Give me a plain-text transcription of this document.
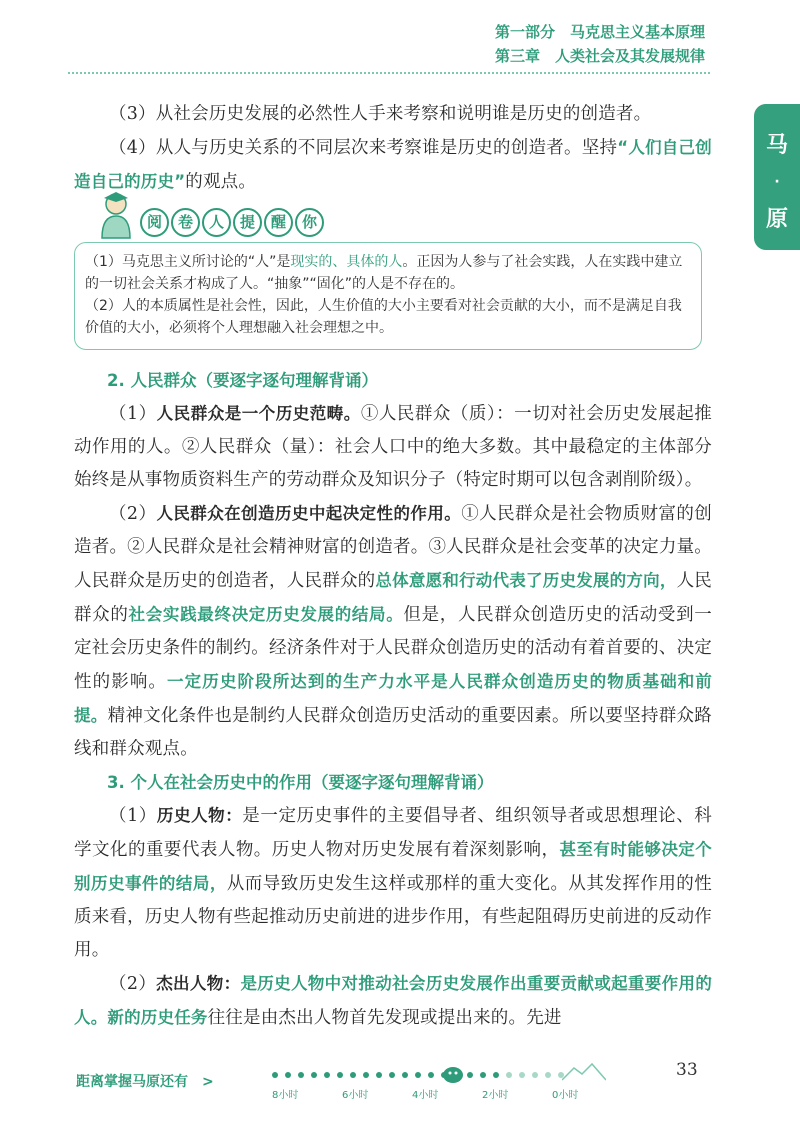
第一部分　马克思主义基本原理
第三章　人类社会及其发展规律
马
·
原

（3）从社会历史发展的必然性人手来考察和说明谁是历史的创造者。

（4）从人与历史关系的不同层次来考察谁是历史的创造者。坚持“人们自己创造自己的历史”的观点。

阅	卷	人	提	醒	你
（1）马克思主义所讨论的“人”是现实的、具体的人。正因为人参与了社会实践，人在实践中建立的一切社会关系才构成了人。“抽象”“固化”的人是不存在的。
（2）人的本质属性是社会性，因此，人生价值的大小主要看对社会贡献的大小，而不是满足自我价值的大小，必须将个人理想融入社会理想之中。
2. 人民群众（要逐字逐句理解背诵）

（1）人民群众是一个历史范畴。①人民群众（质）：一切对社会历史发展起推动作用的人。②人民群众（量）：社会人口中的绝大多数。其中最稳定的主体部分始终是从事物质资料生产的劳动群众及知识分子（特定时期可以包含剥削阶级）。

（2）人民群众在创造历史中起决定性的作用。①人民群众是社会物质财富的创造者。②人民群众是社会精神财富的创造者。③人民群众是社会变革的决定力量。人民群众是历史的创造者，人民群众的总体意愿和行动代表了历史发展的方向，人民群众的社会实践最终决定历史发展的结局。但是，人民群众创造历史的活动受到一定社会历史条件的制约。经济条件对于人民群众创造历史的活动有着首要的、决定性的影响。一定历史阶段所达到的生产力水平是人民群众创造历史的物质基础和前提。精神文化条件也是制约人民群众创造历史活动的重要因素。所以要坚持群众路线和群众观点。

3. 个人在社会历史中的作用（要逐字逐句理解背诵）

（1）历史人物：是一定历史事件的主要倡导者、组织领导者或思想理论、科学文化的重要代表人物。历史人物对历史发展有着深刻影响，甚至有时能够决定个别历史事件的结局，从而导致历史发生这样或那样的重大变化。从其发挥作用的性质来看，历史人物有些起推动历史前进的进步作用，有些起阻碍历史前进的反动作用。

（2）杰出人物：是历史人物中对推动社会历史发展作出重要贡献或起重要作用的人。新的历史任务往往是由杰出人物首先发现或提出来的。先进

距离掌握马原还有　>
8小时	6小时	4小时	2小时	0小时
33
